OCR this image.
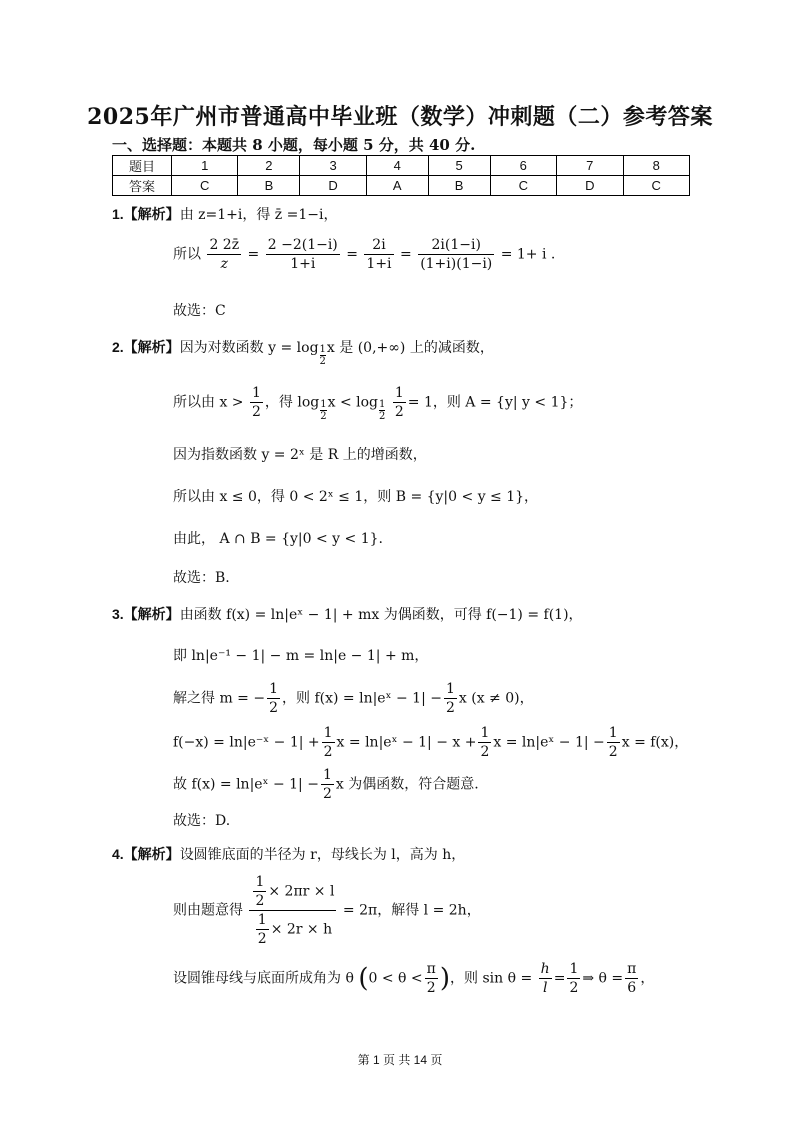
2025年广州市普通高中毕业班（数学）冲刺题（二）参考答案
一、选择题：本题共 8 小题，每小题 5 分，共 40 分.
题目	1	2	3	4	5	6	7	8
答案	C	B	D	A	B	C	D	C
1.【解析】由 z=1+i，得 z̄ =1−i，
所以 $\frac{2 2z̄}{z} = \frac{2 -2(1-i)}{1+i} = \frac{2i}{1+i} = \frac{2i(1-i)}{(1+i)(1-i)} = 1+ i$ .
故选：C
2.【解析】因为对数函数 $y = \log \frac{1}{2}$ x 是 (0,+∞) 上的减函数，
所以由 $x > \frac{1}{2}$ ，得 $\log \frac{1}{2}$ $x < \log \frac{1}{2}$
$\frac{1}{2} = 1$，则 A = {y| y < 1}；
因为指数函数 y = 2ˣ 是 R 上的增函数，
所以由 x ≤ 0，得 0 < 2ˣ ≤ 1，则 B = {y|0 < y ≤ 1}，
由此， A ∩ B = {y|0 < y < 1}.
故选：B.
3.【解析】由函数 f(x) = ln|eˣ − 1| + mx 为偶函数，可得 f(−1) = f(1)，
即 ln|e⁻¹ − 1| − m = ln|e − 1| + m，
解之得 m = − $\frac{1}{2}$ ，则 f(x) = ln|eˣ − $1| - \frac{1}{2}$ x (x ≠ 0)，
f(−x) = ln|e⁻ˣ − $1| + \frac{1}{2}$ x = ln|eˣ − $1| - x + \frac{1}{2}$ x = ln|eˣ − $1| - \frac{1}{2}$ x = f(x)，
故 f(x) = ln|eˣ − $1| - \frac{1}{2}$ x 为偶函数，符合题意.
故选：D.
4.【解析】设圆锥底面的半径为 r，母线长为 l，高为 h，
则由题意得 $\frac{\frac{1}{2} \times 2\pi r \times l}{\frac{1}{2} \times 2r \times h} = 2\pi$，解得 l = 2h，
设圆锥母线与底面所成角为 θ ($0 < \theta < \frac{\pi}{2}$ )，则 $\sin \theta = \frac{h}{l} = \frac{1}{2}$ ⇒ $\theta = \frac{\pi}{6}$ ，
第 1 页 共 14 页
